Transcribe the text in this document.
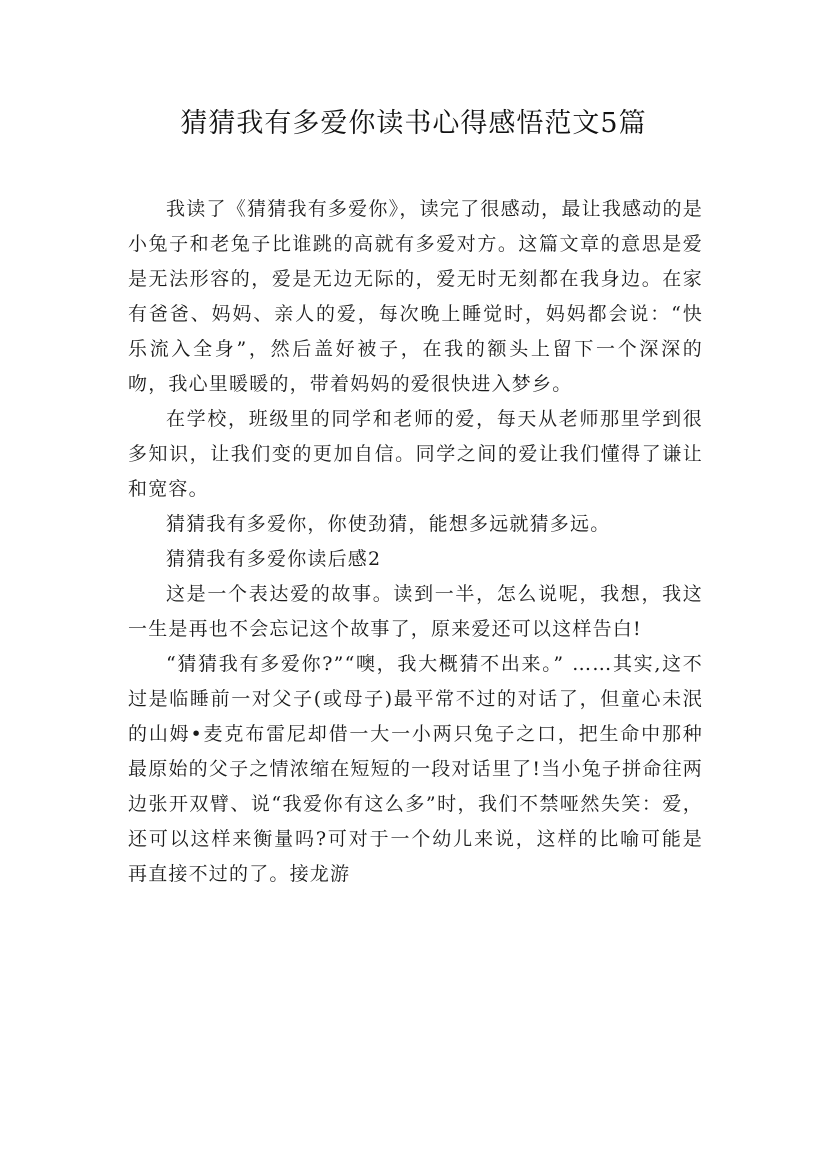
猜猜我有多爱你读书心得感悟范文5篇

我读了《猜猜我有多爱你》，读完了很感动，最让我感动的是小兔子和老兔子比谁跳的高就有多爱对方。这篇文章的意思是爱是无法形容的，爱是无边无际的，爱无时无刻都在我身边。在家有爸爸、妈妈、亲人的爱，每次晚上睡觉时，妈妈都会说：“快乐流入全身”，然后盖好被子，在我的额头上留下一个深深的吻，我心里暖暖的，带着妈妈的爱很快进入梦乡。

在学校，班级里的同学和老师的爱，每天从老师那里学到很多知识，让我们变的更加自信。同学之间的爱让我们懂得了谦让和宽容。

猜猜我有多爱你，你使劲猜，能想多远就猜多远。

猜猜我有多爱你读后感2

这是一个表达爱的故事。读到一半，怎么说呢，我想，我这一生是再也不会忘记这个故事了，原来爱还可以这样告白!

“猜猜我有多爱你?”“噢，我大概猜不出来。” ……其实,这不过是临睡前一对父子(或母子)最平常不过的对话了，但童心未泯的山姆•麦克布雷尼却借一大一小两只兔子之口，把生命中那种最原始的父子之情浓缩在短短的一段对话里了!当小兔子拼命往两边张开双臂、说“我爱你有这么多”时，我们不禁哑然失笑：爱，还可以这样来衡量吗?可对于一个幼儿来说，这样的比喻可能是再直接不过的了。接龙游
